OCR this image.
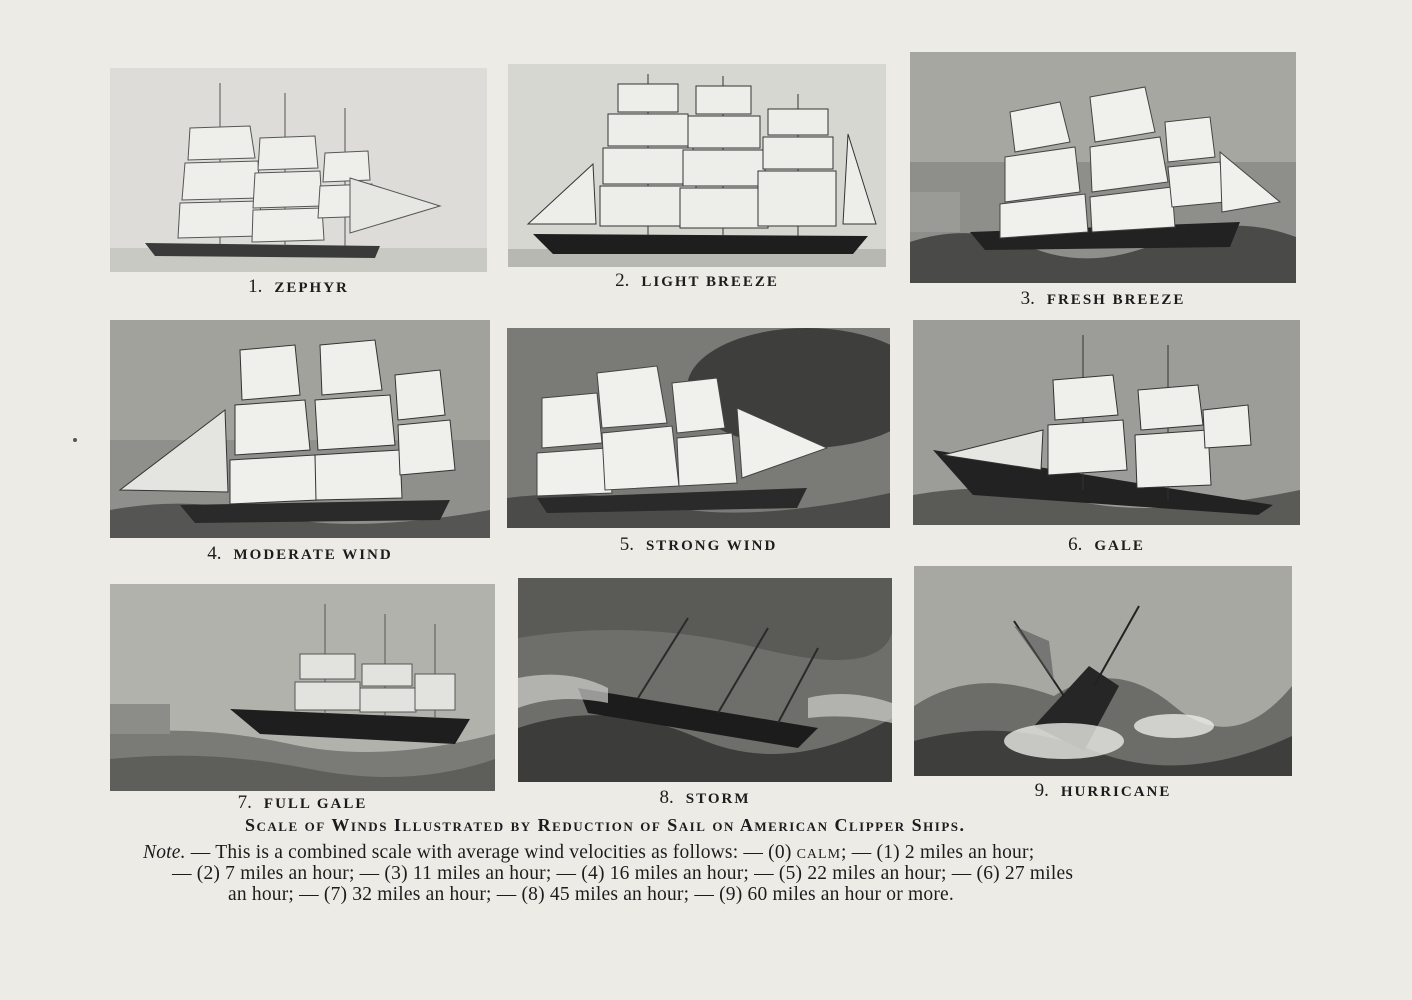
1. ZEPHYR	2. LIGHT BREEZE
3. FRESH BREEZE
4. MODERATE WIND	5. STRONG WIND	6. GALE
7. FULL GALE	8. STORM	9. HURRICANE
Scale of Winds Illustrated by Reduction of Sail on American Clipper Ships.
Note. — This is a combined scale with average wind velocities as follows: — (0) calm; — (1) 2 miles an hour;
— (2) 7 miles an hour; — (3) 11 miles an hour; — (4) 16 miles an hour; — (5) 22 miles an hour; — (6) 27 miles
an hour; — (7) 32 miles an hour; — (8) 45 miles an hour; — (9) 60 miles an hour or more.
